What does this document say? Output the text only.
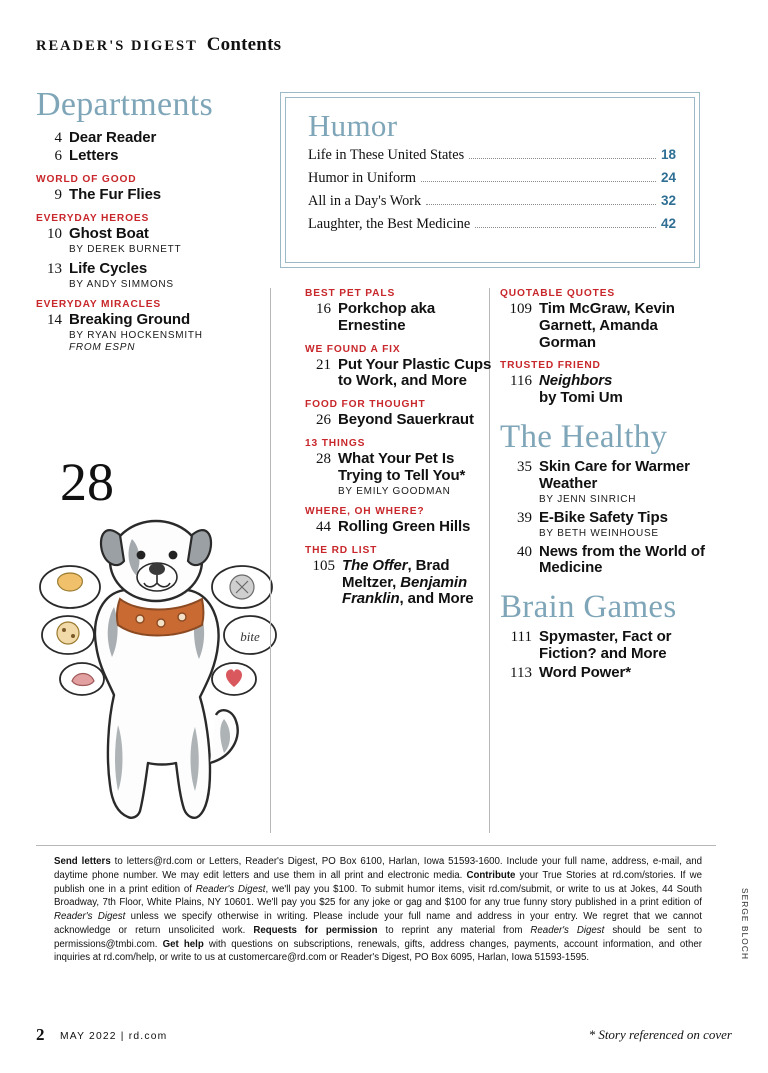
READER'S DIGEST Contents
Departments
4 Dear Reader
6 Letters
WORLD OF GOOD
9 The Fur Flies
EVERYDAY HEROES
10 Ghost Boat
BY DEREK BURNETT
13 Life Cycles
BY ANDY SIMMONS
EVERYDAY MIRACLES
14 Breaking Ground
BY RYAN HOCKENSMITH
FROM ESPN
28
bite
Humor
Life in These United States	18
Humor in Uniform	24
All in a Day's Work	32
Laughter, the Best Medicine	42
BEST PET PALS
16 Porkchop aka Ernestine
WE FOUND A FIX
21 Put Your Plastic Cups to Work, and More
FOOD FOR THOUGHT
26 Beyond Sauerkraut
13 THINGS
28 What Your Pet Is Trying to Tell You*
BY EMILY GOODMAN
WHERE, OH WHERE?
44 Rolling Green Hills
THE RD LIST
105 The Offer, Brad Meltzer, Benjamin Franklin, and More
QUOTABLE QUOTES
109 Tim McGraw, Kevin Garnett, Amanda Gorman
TRUSTED FRIEND
116 Neighbors
by Tomi Um
The Healthy
35 Skin Care for Warmer Weather
BY JENN SINRICH
39 E-Bike Safety Tips
BY BETH WEINHOUSE
40 News from the World of Medicine
Brain Games
111 Spymaster, Fact or Fiction? and More
113 Word Power*
Send letters to letters@rd.com or Letters, Reader's Digest, PO Box 6100, Harlan, Iowa 51593-1600. Include your full name, address, e-mail, and daytime phone number. We may edit letters and use them in all print and electronic media. Contribute your True Stories at rd.com/stories. If we publish one in a print edition of Reader's Digest, we'll pay you $100. To submit humor items, visit rd.com/submit, or write to us at Jokes, 44 South Broadway, 7th Floor, White Plains, NY 10601. We'll pay you $25 for any joke or gag and $100 for any true funny story published in a print edition of Reader's Digest unless we specify otherwise in writing. Please include your full name and address in your entry. We regret that we cannot acknowledge or return unsolicited work. Requests for permission to reprint any material from Reader's Digest should be sent to permissions@tmbi.com. Get help with questions on subscriptions, renewals, gifts, address changes, payments, account information, and other inquiries at rd.com/help, or write to us at customercare@rd.com or Reader's Digest, PO Box 6095, Harlan, Iowa 51593-1595.	SERGE BLOCH
2 MAY 2022 | rd.com	* Story referenced on cover
